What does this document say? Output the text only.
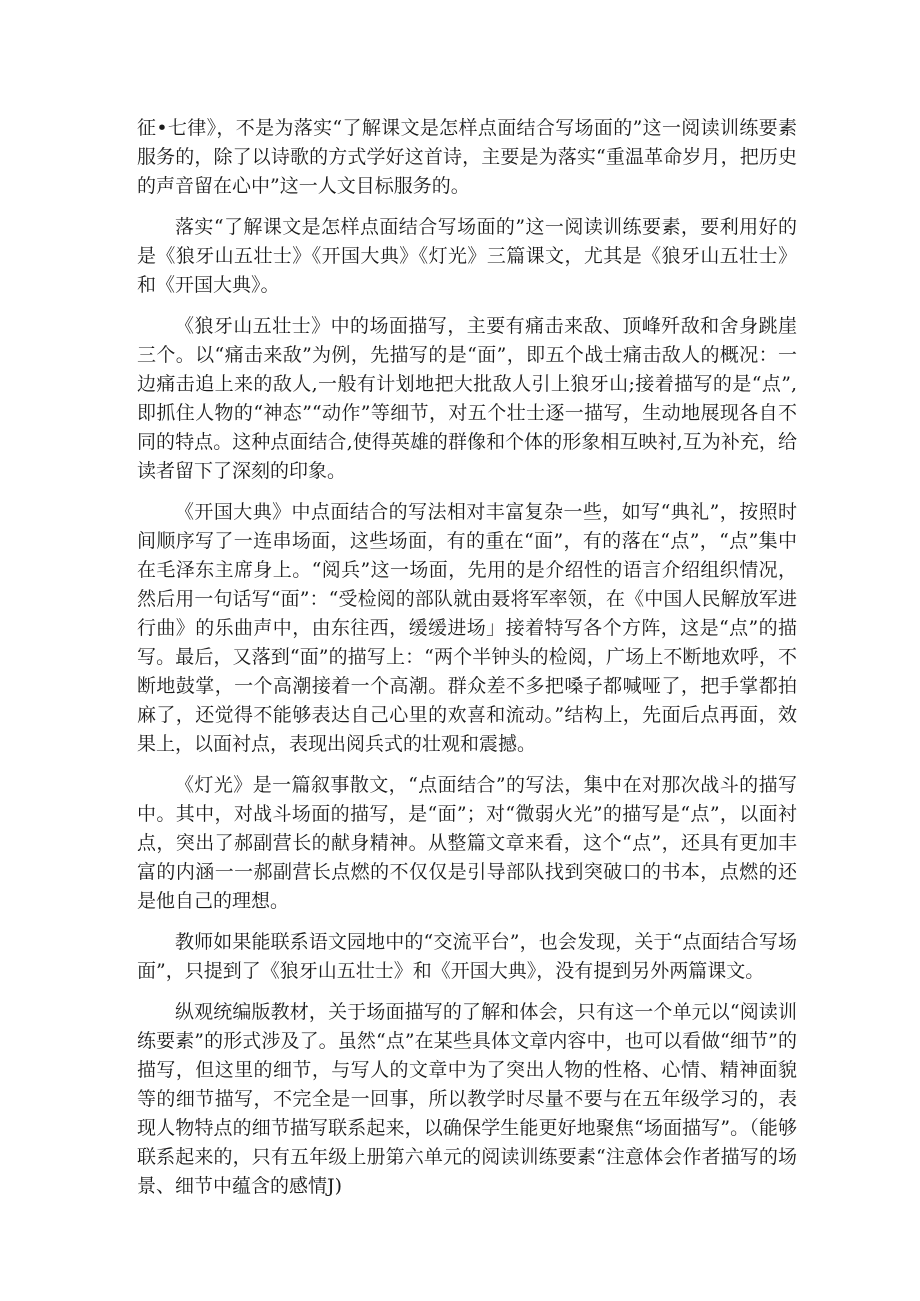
征•七律》，不是为落实“了解课文是怎样点面结合写场面的”这一阅读训练要素服务的，除了以诗歌的方式学好这首诗，主要是为落实“重温革命岁月，把历史的声音留在心中”这一人文目标服务的。

落实“了解课文是怎样点面结合写场面的”这一阅读训练要素，要利用好的是《狼牙山五壮士》《开国大典》《灯光》三篇课文，尤其是《狼牙山五壮士》和《开国大典》。

《狼牙山五壮士》中的场面描写，主要有痛击来敌、顶峰歼敌和舍身跳崖三个。以“痛击来敌”为例，先描写的是“面”，即五个战士痛击敌人的概况：一边痛击追上来的敌人,一般有计划地把大批敌人引上狼牙山;接着描写的是“点”,即抓住人物的“神态”“动作”等细节，对五个壮士逐一描写，生动地展现各自不同的特点。这种点面结合,使得英雄的群像和个体的形象相互映衬,互为补充，给读者留下了深刻的印象。

《开国大典》中点面结合的写法相对丰富复杂一些，如写“典礼”，按照时间顺序写了一连串场面，这些场面，有的重在“面”，有的落在“点”，“点”集中在毛泽东主席身上。“阅兵”这一场面，先用的是介绍性的语言介绍组织情况，然后用一句话写“面”：“受检阅的部队就由聂将军率领，在《中国人民解放军进行曲》的乐曲声中，由东往西，缓缓进场」接着特写各个方阵，这是“点”的描写。最后，又落到“面”的描写上：“两个半钟头的检阅，广场上不断地欢呼，不断地鼓掌，一个高潮接着一个高潮。群众差不多把嗓子都喊哑了，把手掌都拍麻了，还觉得不能够表达自己心里的欢喜和流动。”结构上，先面后点再面，效果上，以面衬点，表现出阅兵式的壮观和震撼。

《灯光》是一篇叙事散文，“点面结合”的写法，集中在对那次战斗的描写中。其中，对战斗场面的描写，是“面”；对“微弱火光”的描写是“点”，以面衬点，突出了郝副营长的献身精神。从整篇文章来看，这个“点”，还具有更加丰富的内涵一一郝副营长点燃的不仅仅是引导部队找到突破口的书本，点燃的还是他自己的理想。

教师如果能联系语文园地中的“交流平台”，也会发现，关于“点面结合写场面”，只提到了《狼牙山五壮士》和《开国大典》，没有提到另外两篇课文。

纵观统编版教材，关于场面描写的了解和体会，只有这一个单元以“阅读训练要素”的形式涉及了。虽然“点”在某些具体文章内容中，也可以看做“细节”的描写，但这里的细节，与写人的文章中为了突出人物的性格、心情、精神面貌等的细节描写，不完全是一回事，所以教学时尽量不要与在五年级学习的，表现人物特点的细节描写联系起来，以确保学生能更好地聚焦“场面描写”。（能够联系起来的，只有五年级上册第六单元的阅读训练要素“注意体会作者描写的场景、细节中蕴含的感情J)
